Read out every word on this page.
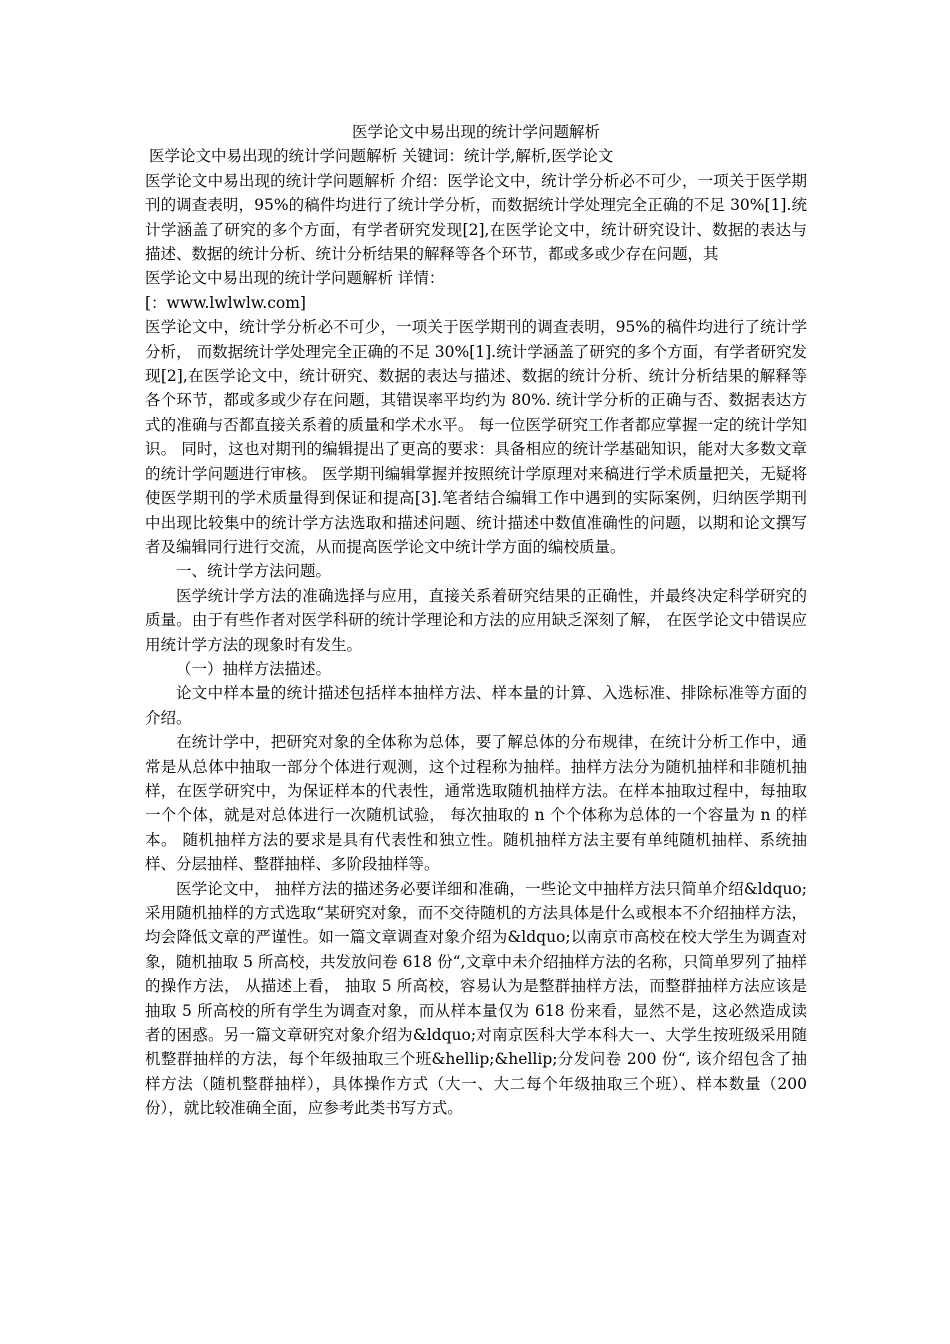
医学论文中易出现的统计学问题解析

医学论文中易出现的统计学问题解析 关键词：统计学,解析,医学论文

医学论文中易出现的统计学问题解析 介绍：医学论文中，统计学分析必不可少，一项关于医学期刊的调查表明，95%的稿件均进行了统计学分析，而数据统计学处理完全正确的不足 30%[1].统计学涵盖了研究的多个方面，有学者研究发现[2],在医学论文中，统计研究设计、数据的表达与描述、数据的统计分析、统计分析结果的解释等各个环节，都或多或少存在问题，其

医学论文中易出现的统计学问题解析 详情：

[：www.lwlwlw.com]

医学论文中，统计学分析必不可少，一项关于医学期刊的调查表明，95%的稿件均进行了统计学分析， 而数据统计学处理完全正确的不足 30%[1].统计学涵盖了研究的多个方面，有学者研究发现[2],在医学论文中，统计研究、数据的表达与描述、数据的统计分析、统计分析结果的解释等各个环节，都或多或少存在问题，其错误率平均约为 80%. 统计学分析的正确与否、数据表达方式的准确与否都直接关系着的质量和学术水平。 每一位医学研究工作者都应掌握一定的统计学知识。 同时，这也对期刊的编辑提出了更高的要求：具备相应的统计学基础知识，能对大多数文章的统计学问题进行审核。 医学期刊编辑掌握并按照统计学原理对来稿进行学术质量把关，无疑将使医学期刊的学术质量得到保证和提高[3].笔者结合编辑工作中遇到的实际案例，归纳医学期刊中出现比较集中的统计学方法选取和描述问题、统计描述中数值准确性的问题，以期和论文撰写者及编辑同行进行交流，从而提高医学论文中统计学方面的编校质量。

一、统计学方法问题。

医学统计学方法的准确选择与应用，直接关系着研究结果的正确性，并最终决定科学研究的质量。由于有些作者对医学科研的统计学理论和方法的应用缺乏深刻了解， 在医学论文中错误应用统计学方法的现象时有发生。

（一）抽样方法描述。

论文中样本量的统计描述包括样本抽样方法、样本量的计算、入选标准、排除标准等方面的介绍。

在统计学中，把研究对象的全体称为总体，要了解总体的分布规律，在统计分析工作中，通常是从总体中抽取一部分个体进行观测，这个过程称为抽样。抽样方法分为随机抽样和非随机抽样，在医学研究中，为保证样本的代表性，通常选取随机抽样方法。在样本抽取过程中，每抽取一个个体，就是对总体进行一次随机试验， 每次抽取的 n 个个体称为总体的一个容量为 n 的样本。 随机抽样方法的要求是具有代表性和独立性。随机抽样方法主要有单纯随机抽样、系统抽样、分层抽样、整群抽样、多阶段抽样等。

医学论文中， 抽样方法的描述务必要详细和准确，一些论文中抽样方法只简单介绍&ldquo;采用随机抽样的方式选取“某研究对象，而不交待随机的方法具体是什么或根本不介绍抽样方法， 均会降低文章的严谨性。如一篇文章调查对象介绍为&ldquo;以南京市高校在校大学生为调查对象，随机抽取 5 所高校，共发放问卷 618 份“,文章中未介绍抽样方法的名称，只简单罗列了抽样的操作方法， 从描述上看， 抽取 5 所高校，容易认为是整群抽样方法，而整群抽样方法应该是抽取 5 所高校的所有学生为调查对象，而从样本量仅为 618 份来看，显然不是，这必然造成读者的困惑。另一篇文章研究对象介绍为&ldquo;对南京医科大学本科大一、大学生按班级采用随机整群抽样的方法，每个年级抽取三个班&hellip;&hellip;分发问卷 200 份“, 该介绍包含了抽样方法（随机整群抽样），具体操作方式（大一、大二每个年级抽取三个班）、样本数量（200 份），就比较准确全面，应参考此类书写方式。
